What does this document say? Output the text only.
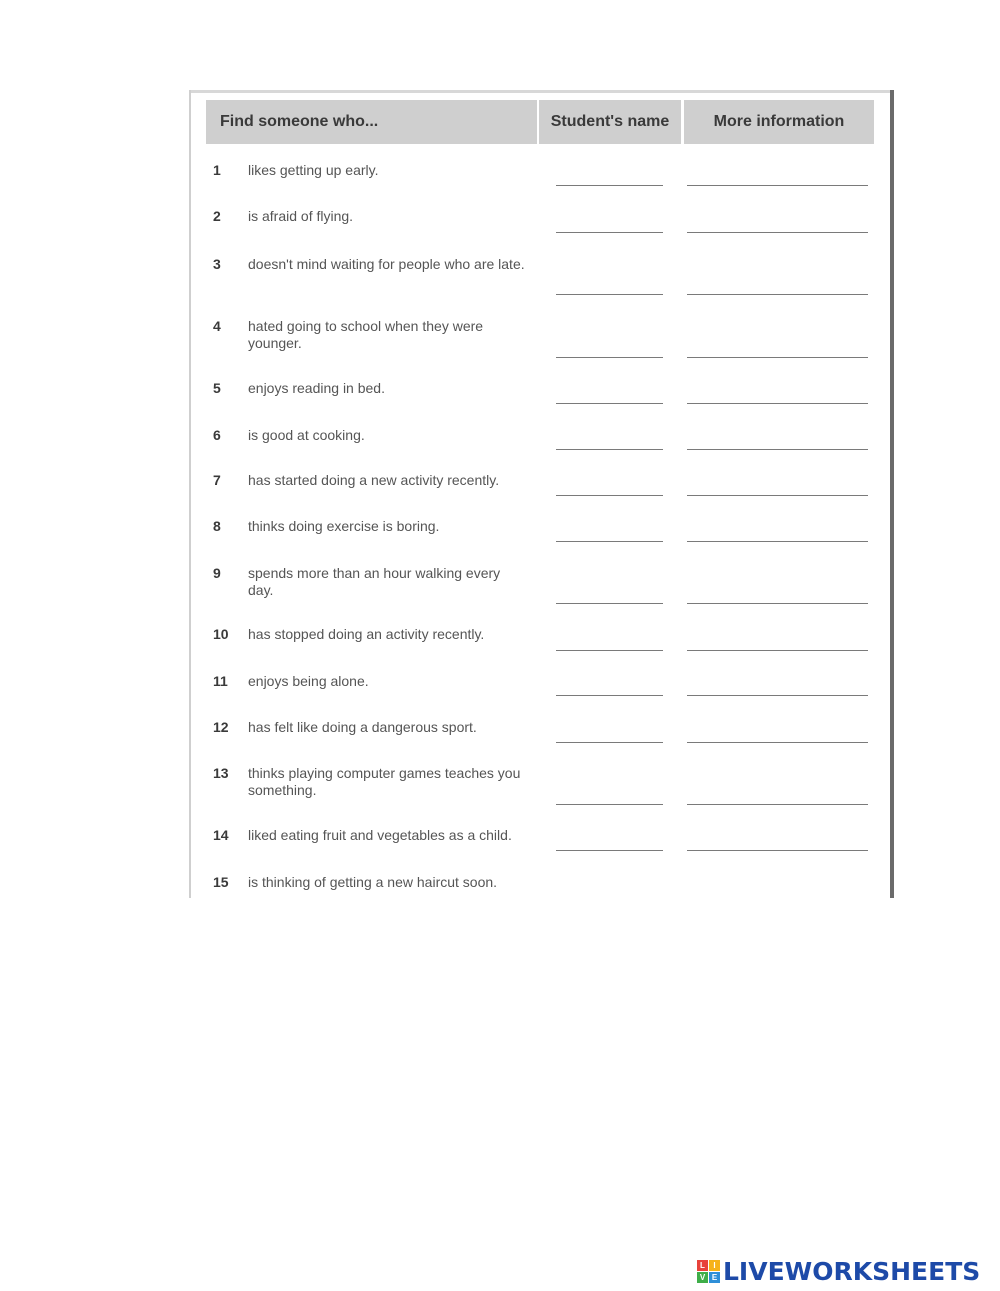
Find someone who...	Student's name	More information
1	likes getting up early.
2	is afraid of flying.
3	doesn't mind waiting for people who are late.
4	hated going to school when they were younger.
5	enjoys reading in bed.
6	is good at cooking.
7	has started doing a new activity recently.
8	thinks doing exercise is boring.
9	spends more than an hour walking every day.
10	has stopped doing an activity recently.
11	enjoys being alone.
12	has felt like doing a dangerous sport.
13	thinks playing computer games teaches you something.
14	liked eating fruit and vegetables as a child.
15	is thinking of getting a new haircut soon.
L	I
V E LIVEWORKSHEETS
